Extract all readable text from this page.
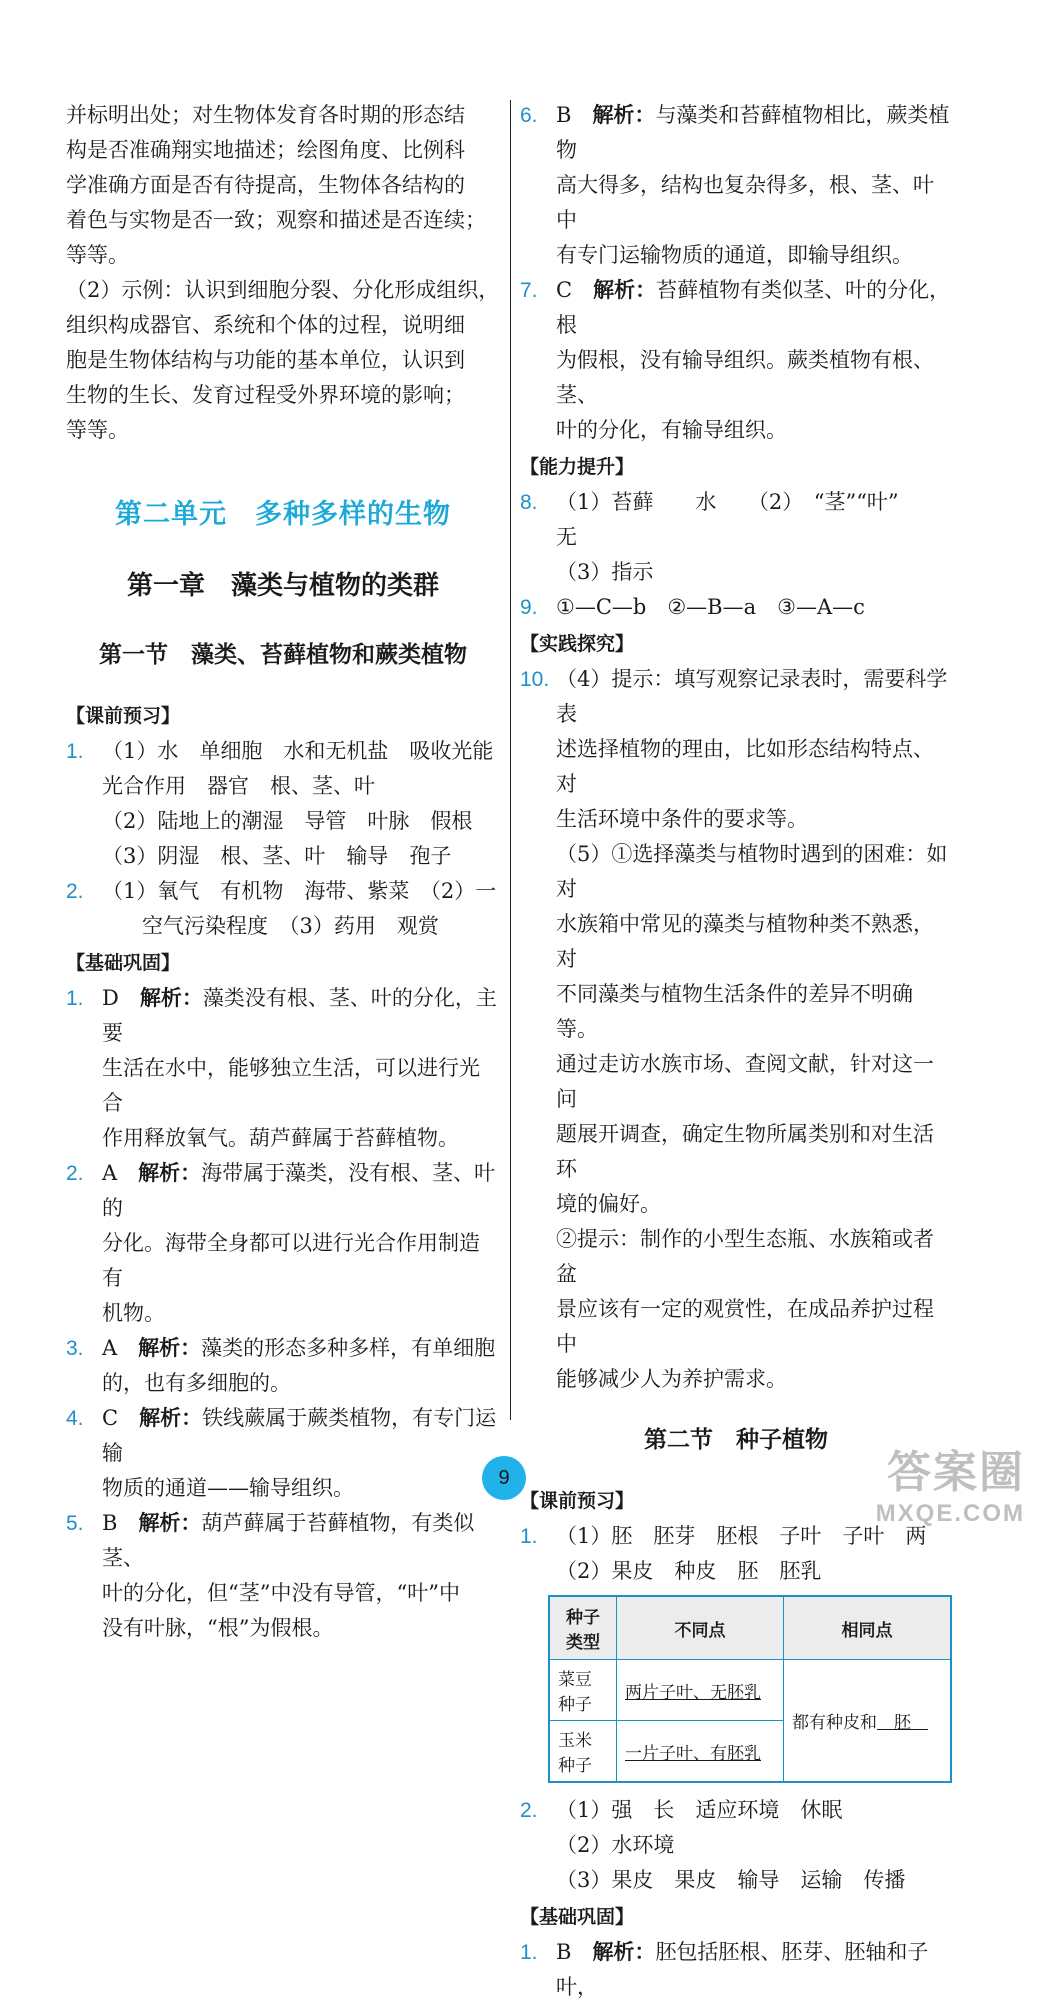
并标明出处；对生物体发育各时期的形态结

构是否准确翔实地描述；绘图角度、比例科

学准确方面是否有待提高，生物体各结构的

着色与实物是否一致；观察和描述是否连续；

等等。

（2）示例：认识到细胞分裂、分化形成组织，

组织构成器官、系统和个体的过程，说明细

胞是生物体结构与功能的基本单位，认识到

生物的生长、发育过程受外界环境的影响；

等等。

第二单元　多种多样的生物
第一章　藻类与植物的类群
第一节　藻类、苔藓植物和蕨类植物
【课前预习】
1. （1）水　单细胞　水和无机盐　吸收光能
光合作用　器官　根、茎、叶
（2）陆地上的潮湿　导管　叶脉　假根
（3）阴湿　根、茎、叶　输导　孢子
2. （1）氧气　有机物　海带、紫菜　（2）一
空气污染程度　（3）药用　观赏
【基础巩固】
1. D　 解析：藻类没有根、茎、叶的分化，主要
生活在水中，能够独立生活，可以进行光合
作用释放氧气。葫芦藓属于苔藓植物。
2. A　 解析：海带属于藻类，没有根、茎、叶的
分化。海带全身都可以进行光合作用制造有
机物。
3. A　 解析：藻类的形态多种多样，有单细胞
的，也有多细胞的。
4. C　 解析：铁线蕨属于蕨类植物，有专门运输
物质的通道——输导组织。
5. B　 解析：葫芦藓属于苔藓植物，有类似茎、
叶的分化，但“茎”中没有导管，“叶”中
没有叶脉，“根”为假根。
6. B　 解析：与藻类和苔藓植物相比，蕨类植物
高大得多，结构也复杂得多，根、茎、叶中
有专门运输物质的通道，即输导组织。
7. C　 解析：苔藓植物有类似茎、叶的分化，根
为假根，没有输导组织。蕨类植物有根、茎、
叶的分化，有输导组织。
【能力提升】
8. （1）苔藓　　水　　（2）　“茎”“叶”　　无
（3）指示
9. ①—C—b　②—B—a　③—A—c
【实践探究】
10. （4）提示：填写观察记录表时，需要科学表
述选择植物的理由，比如形态结构特点、对
生活环境中条件的要求等。
（5）①选择藻类与植物时遇到的困难：如对
水族箱中常见的藻类与植物种类不熟悉，对
不同藻类与植物生活条件的差异不明确等。
通过走访水族市场、查阅文献，针对这一问
题展开调查，确定生物所属类别和对生活环
境的偏好。
②提示：制作的小型生态瓶、水族箱或者盆
景应该有一定的观赏性，在成品养护过程中
能够减少人为养护需求。
第二节　种子植物
【课前预习】
1. （1）胚　胚芽　胚根　子叶　子叶　两
（2）果皮　种皮　胚　胚乳
种子类型	不同点	相同点
菜豆种子	两片子叶、无胚乳	都有种皮和　 胚　
玉米种子	一片子叶、有胚乳	
2. （1）强　长　适应环境　休眠
（2）水环境
（3）果皮　果皮　输导　运输　传播
【基础巩固】
1. B　 解析：胚包括胚根、胚芽、胚轴和子叶，
9	答案圈
MXQE.COM
